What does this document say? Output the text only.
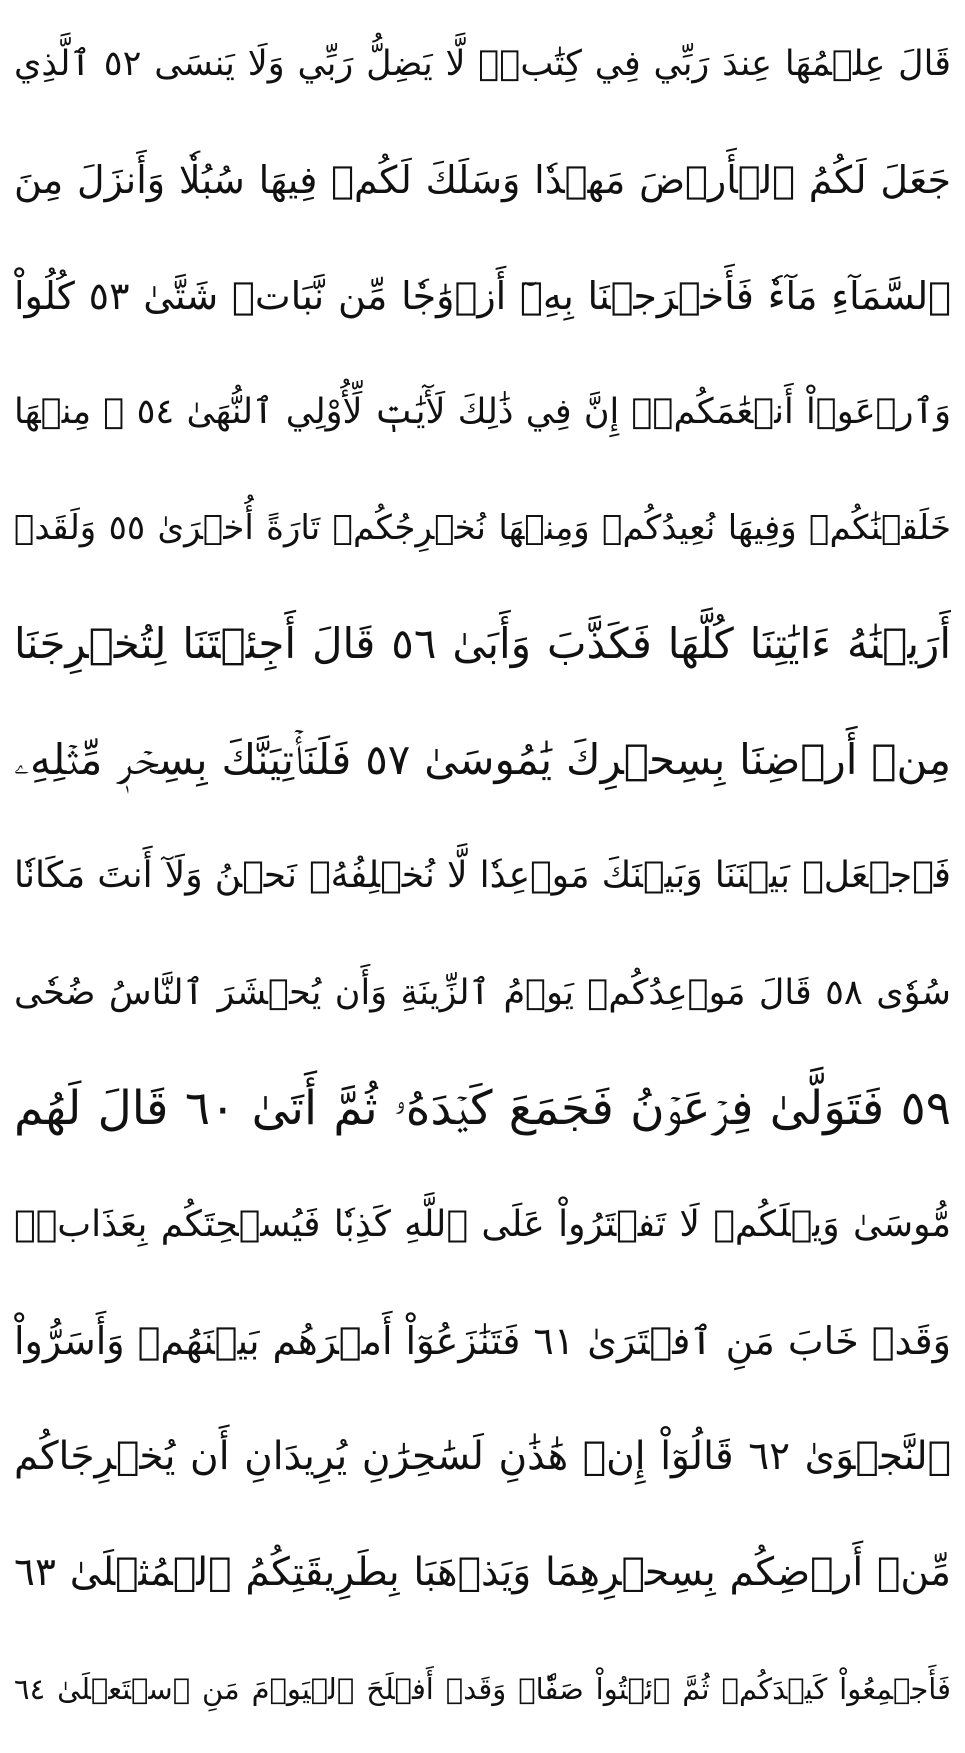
قَالَ عِلۡمُهَا عِندَ رَبِّي فِي كِتَٰبٖۖ لَّا يَضِلُّ رَبِّي وَلَا يَنسَى ٥٢ ٱلَّذِي
جَعَلَ لَكُمُ ٱلۡأَرۡضَ مَهۡدٗا وَسَلَكَ لَكُمۡ فِيهَا سُبُلٗا وَأَنزَلَ مِنَ
ٱلسَّمَآءِ مَآءٗ فَأَخۡرَجۡنَا بِهِۦٓ أَزۡوَٰجٗا مِّن نَّبَاتٖ شَتَّىٰ ٥٣ كُلُواْ
وَٱرۡعَوۡاْ أَنۡعَٰمَكُمۡۚ إِنَّ فِي ذَٰلِكَ لَأٓيَٰتٖ لِّأُوْلِي ٱلنُّهَىٰ ٥٤ ۞ مِنۡهَا
خَلَقۡنَٰكُمۡ وَفِيهَا نُعِيدُكُمۡ وَمِنۡهَا نُخۡرِجُكُمۡ تَارَةً أُخۡرَىٰ ٥٥ وَلَقَدۡ
أَرَيۡنَٰهُ ءَايَٰتِنَا كُلَّهَا فَكَذَّبَ وَأَبَىٰ ٥٦ قَالَ أَجِئۡتَنَا لِتُخۡرِجَنَا
مِنۡ أَرۡضِنَا بِسِحۡرِكَ يَٰمُوسَىٰ ٥٧ فَلَنَأۡتِيَنَّكَ بِسِحۡرٖ مِّثۡلِهِۦ
فَٱجۡعَلۡ بَيۡنَنَا وَبَيۡنَكَ مَوۡعِدٗا لَّا نُخۡلِفُهُۥ نَحۡنُ وَلَآ أَنتَ مَكَانٗا
سُوٗى ٥٨ قَالَ مَوۡعِدُكُمۡ يَوۡمُ ٱلزِّينَةِ وَأَن يُحۡشَرَ ٱلنَّاسُ ضُحٗى
٥٩ فَتَوَلَّىٰ فِرۡعَوۡنُ فَجَمَعَ كَيۡدَهُۥ ثُمَّ أَتَىٰ ٦٠ قَالَ لَهُم
مُّوسَىٰ وَيۡلَكُمۡ لَا تَفۡتَرُواْ عَلَى ٱللَّهِ كَذِبٗا فَيُسۡحِتَكُم بِعَذَابٖۖ
وَقَدۡ خَابَ مَنِ ٱفۡتَرَىٰ ٦١ فَتَنَٰزَعُوٓاْ أَمۡرَهُم بَيۡنَهُمۡ وَأَسَرُّواْ
ٱلنَّجۡوَىٰ ٦٢ قَالُوٓاْ إِنۡ هَٰذَٰنِ لَسَٰحِرَٰنِ يُرِيدَانِ أَن يُخۡرِجَاكُم
مِّنۡ أَرۡضِكُم بِسِحۡرِهِمَا وَيَذۡهَبَا بِطَرِيقَتِكُمُ ٱلۡمُثۡلَىٰ ٦٣
فَأَجۡمِعُواْ كَيۡدَكُمۡ ثُمَّ ٱئۡتُواْ صَفّٗاۚ وَقَدۡ أَفۡلَحَ ٱلۡيَوۡمَ مَنِ ٱسۡتَعۡلَىٰ ٦٤
